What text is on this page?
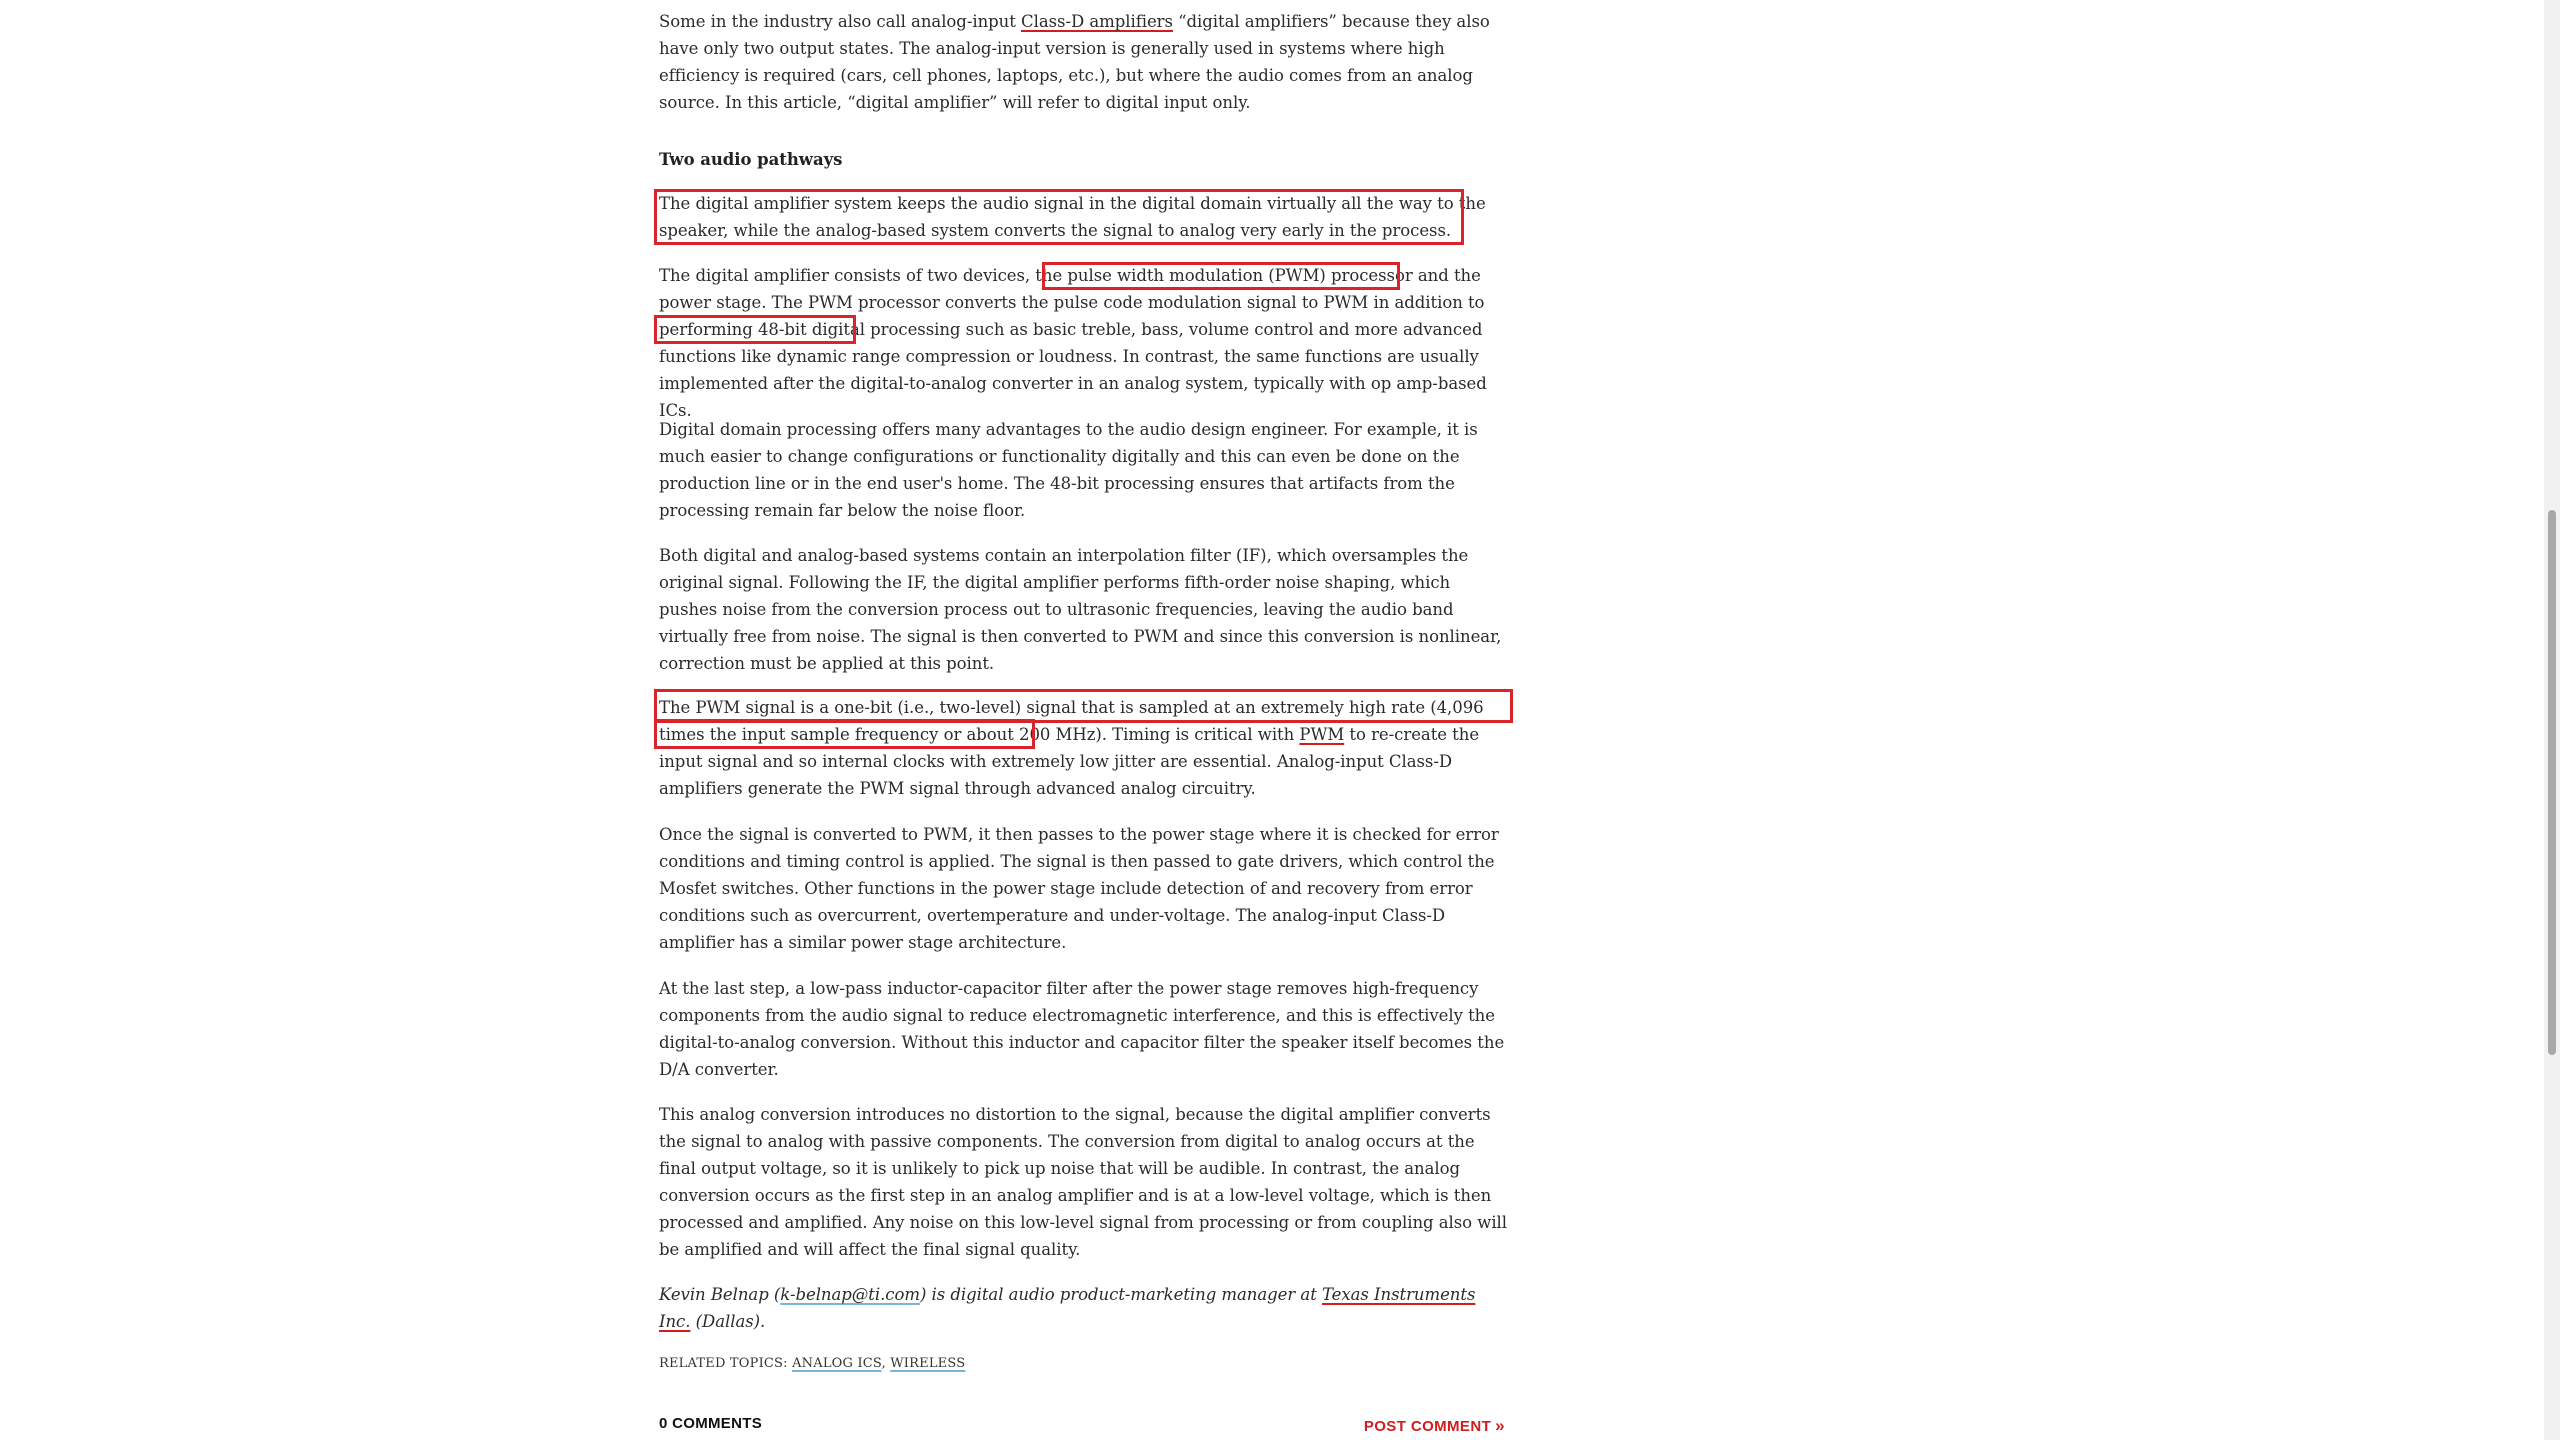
Some in the industry also call analog-input Class-D amplifiers “digital amplifiers” because they also have only two output states. The analog-input version is generally used in systems where high efficiency is required (cars, cell phones, laptops, etc.), but where the audio comes from an analog source. In this article, “digital amplifier” will refer to digital input only.

Two audio pathways

The digital amplifier system keeps the audio signal in the digital domain virtually all the way to the speaker, while the analog-based system converts the signal to analog very early in the process.

The digital amplifier consists of two devices, the pulse width modulation (PWM) processor and the power stage. The PWM processor converts the pulse code modulation signal to PWM in addition to performing 48-bit digital processing such as basic treble, bass, volume control and more advanced functions like dynamic range compression or loudness. In contrast, the same functions are usually implemented after the digital-to-analog converter in an analog system, typically with op amp-based ICs.

Digital domain processing offers many advantages to the audio design engineer. For example, it is much easier to change configurations or functionality digitally and this can even be done on the production line or in the end user's home. The 48-bit processing ensures that artifacts from the processing remain far below the noise floor.

Both digital and analog-based systems contain an interpolation filter (IF), which oversamples the original signal. Following the IF, the digital amplifier performs fifth-order noise shaping, which pushes noise from the conversion process out to ultrasonic frequencies, leaving the audio band virtually free from noise. The signal is then converted to PWM and since this conversion is nonlinear, correction must be applied at this point.

The PWM signal is a one-bit (i.e., two-level) signal that is sampled at an extremely high rate (4,096 times the input sample frequency or about 200 MHz). Timing is critical with PWM to re-create the input signal and so internal clocks with extremely low jitter are essential. Analog-input Class-D amplifiers generate the PWM signal through advanced analog circuitry.

Once the signal is converted to PWM, it then passes to the power stage where it is checked for error conditions and timing control is applied. The signal is then passed to gate drivers, which control the Mosfet switches. Other functions in the power stage include detection of and recovery from error conditions such as overcurrent, overtemperature and under-voltage. The analog-input Class-D amplifier has a similar power stage architecture.

At the last step, a low-pass inductor-capacitor filter after the power stage removes high-frequency components from the audio signal to reduce electromagnetic interference, and this is effectively the digital-to-analog conversion. Without this inductor and capacitor filter the speaker itself becomes the D/A converter.

This analog conversion introduces no distortion to the signal, because the digital amplifier converts the signal to analog with passive components. The conversion from digital to analog occurs at the final output voltage, so it is unlikely to pick up noise that will be audible. In contrast, the analog conversion occurs as the first step in an analog amplifier and is at a low-level voltage, which is then processed and amplified. Any noise on this low-level signal from processing or from coupling also will be amplified and will affect the final signal quality.

Kevin Belnap (k-belnap@ti.com) is digital audio product-marketing manager at Texas Instruments Inc. (Dallas).

RELATED TOPICS: ANALOG ICS, WIRELESS
0 COMMENTS	POST COMMENT »
